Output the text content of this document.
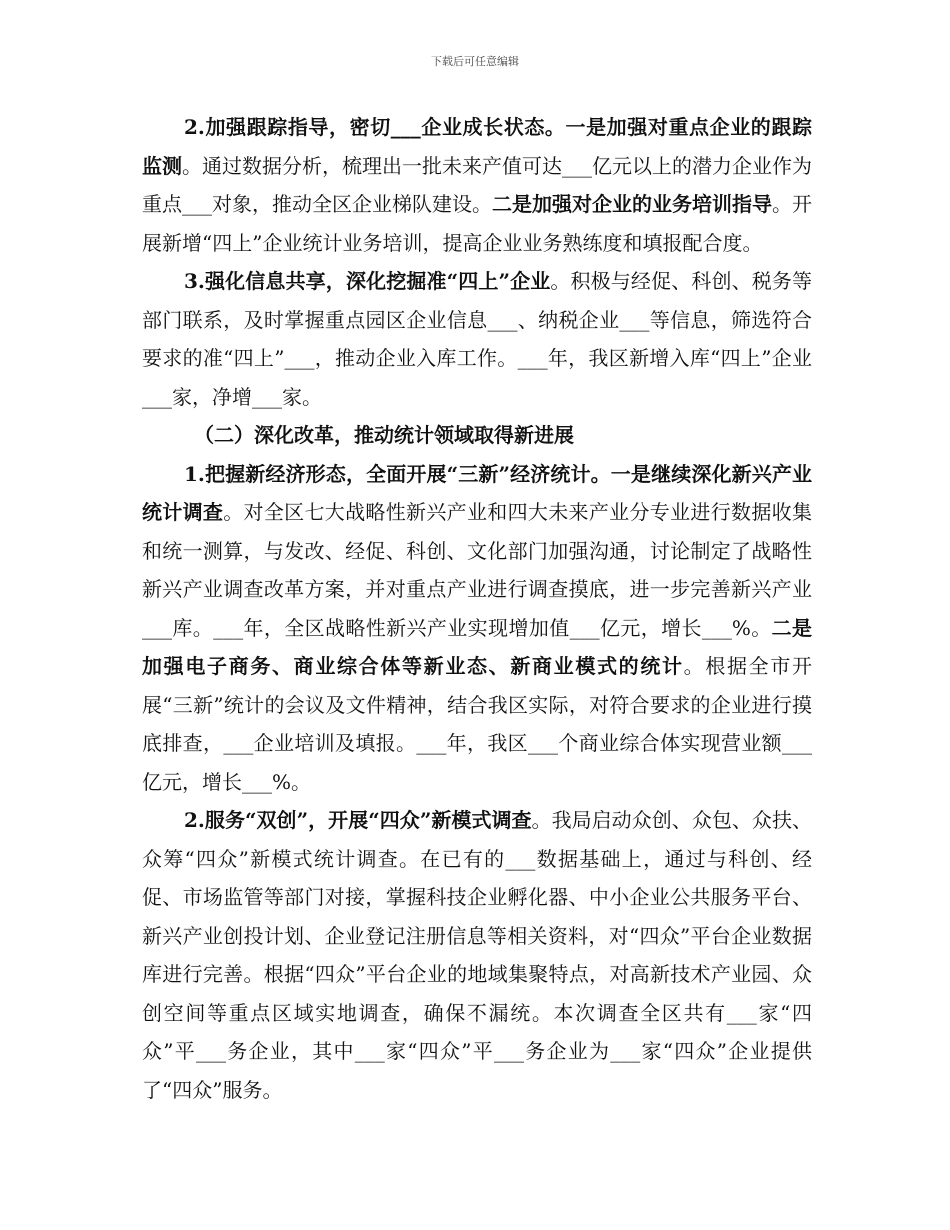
下载后可任意编辑

2.加强跟踪指导，密切___企业成长状态。一是加强对重点企业的跟踪监测。通过数据分析，梳理出一批未来产值可达___亿元以上的潜力企业作为重点___对象，推动全区企业梯队建设。二是加强对企业的业务培训指导。开展新增“四上”企业统计业务培训，提高企业业务熟练度和填报配合度。

3.强化信息共享，深化挖掘准“四上”企业。积极与经促、科创、税务等部门联系，及时掌握重点园区企业信息___、纳税企业___等信息，筛选符合要求的准“四上”___，推动企业入库工作。___年，我区新增入库“四上”企业___家，净增___家。

（二）深化改革，推动统计领域取得新进展

1.把握新经济形态，全面开展“三新”经济统计。一是继续深化新兴产业统计调查。对全区七大战略性新兴产业和四大未来产业分专业进行数据收集和统一测算，与发改、经促、科创、文化部门加强沟通，讨论制定了战略性新兴产业调查改革方案，并对重点产业进行调查摸底，进一步完善新兴产业___库。___年，全区战略性新兴产业实现增加值___亿元，增长___%。二是加强电子商务、商业综合体等新业态、新商业模式的统计。根据全市开展“三新”统计的会议及文件精神，结合我区实际，对符合要求的企业进行摸底排查，___企业培训及填报。___年，我区___个商业综合体实现营业额___亿元，增长___%。

2.服务“双创”，开展“四众”新模式调查。我局启动众创、众包、众扶、众筹“四众”新模式统计调查。在已有的___数据基础上，通过与科创、经促、市场监管等部门对接，掌握科技企业孵化器、中小企业公共服务平台、新兴产业创投计划、企业登记注册信息等相关资料，对“四众”平台企业数据库进行完善。根据“四众”平台企业的地域集聚特点，对高新技术产业园、众创空间等重点区域实地调查，确保不漏统。本次调查全区共有___家“四众”平___务企业，其中___家“四众”平___务企业为___家“四众”企业提供了“四众”服务。
